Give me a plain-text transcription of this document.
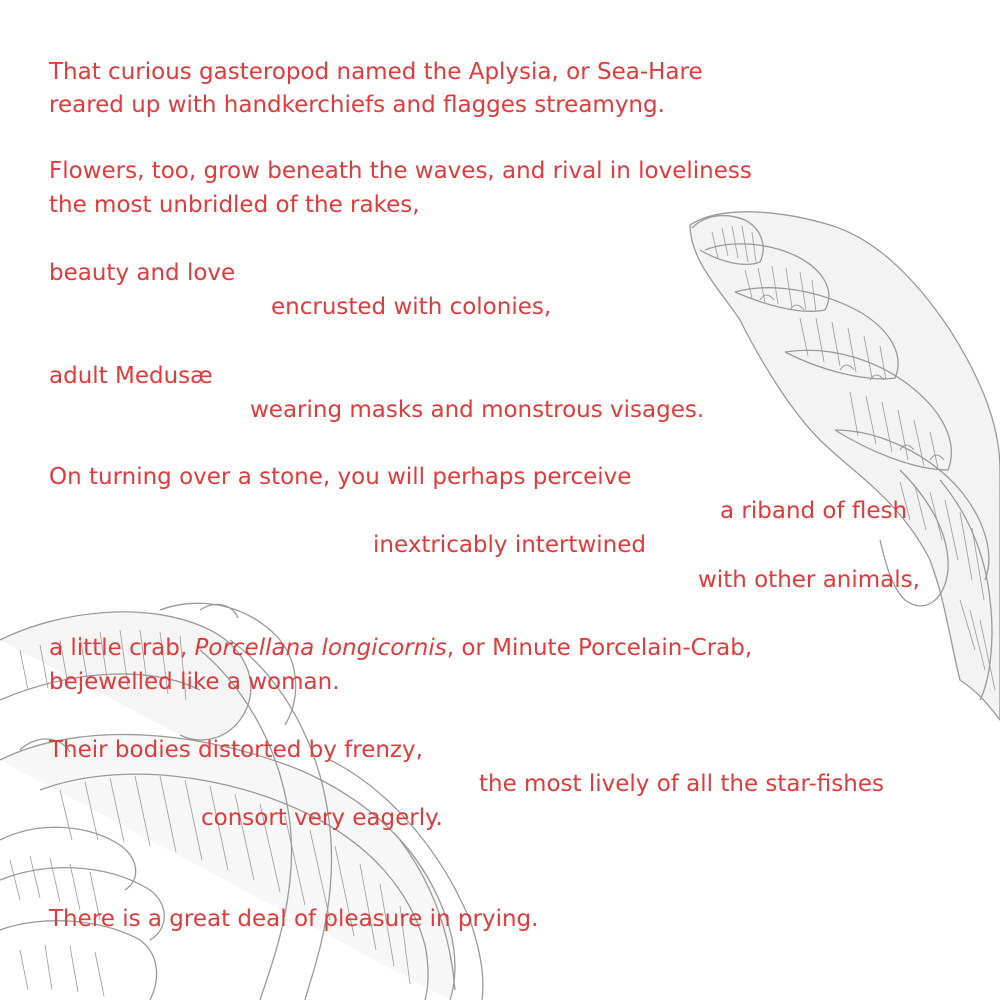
That curious gasteropod named the Aplysia, or Sea-Hare
reared up with handkerchiefs and flagges streamyng.
Flowers, too, grow beneath the waves, and rival in loveliness
the most unbridled of the rakes,
beauty and love
encrusted with colonies,
adult Medusæ
wearing masks and monstrous visages.
On turning over a stone, you will perhaps perceive
a riband of flesh
inextricably intertwined
with other animals,
a little crab, Porcellana longicornis, or Minute Porcelain-Crab,
bejewelled like a woman.
Their bodies distorted by frenzy,
the most lively of all the star-fishes
consort very eagerly.
There is a great deal of pleasure in prying.
